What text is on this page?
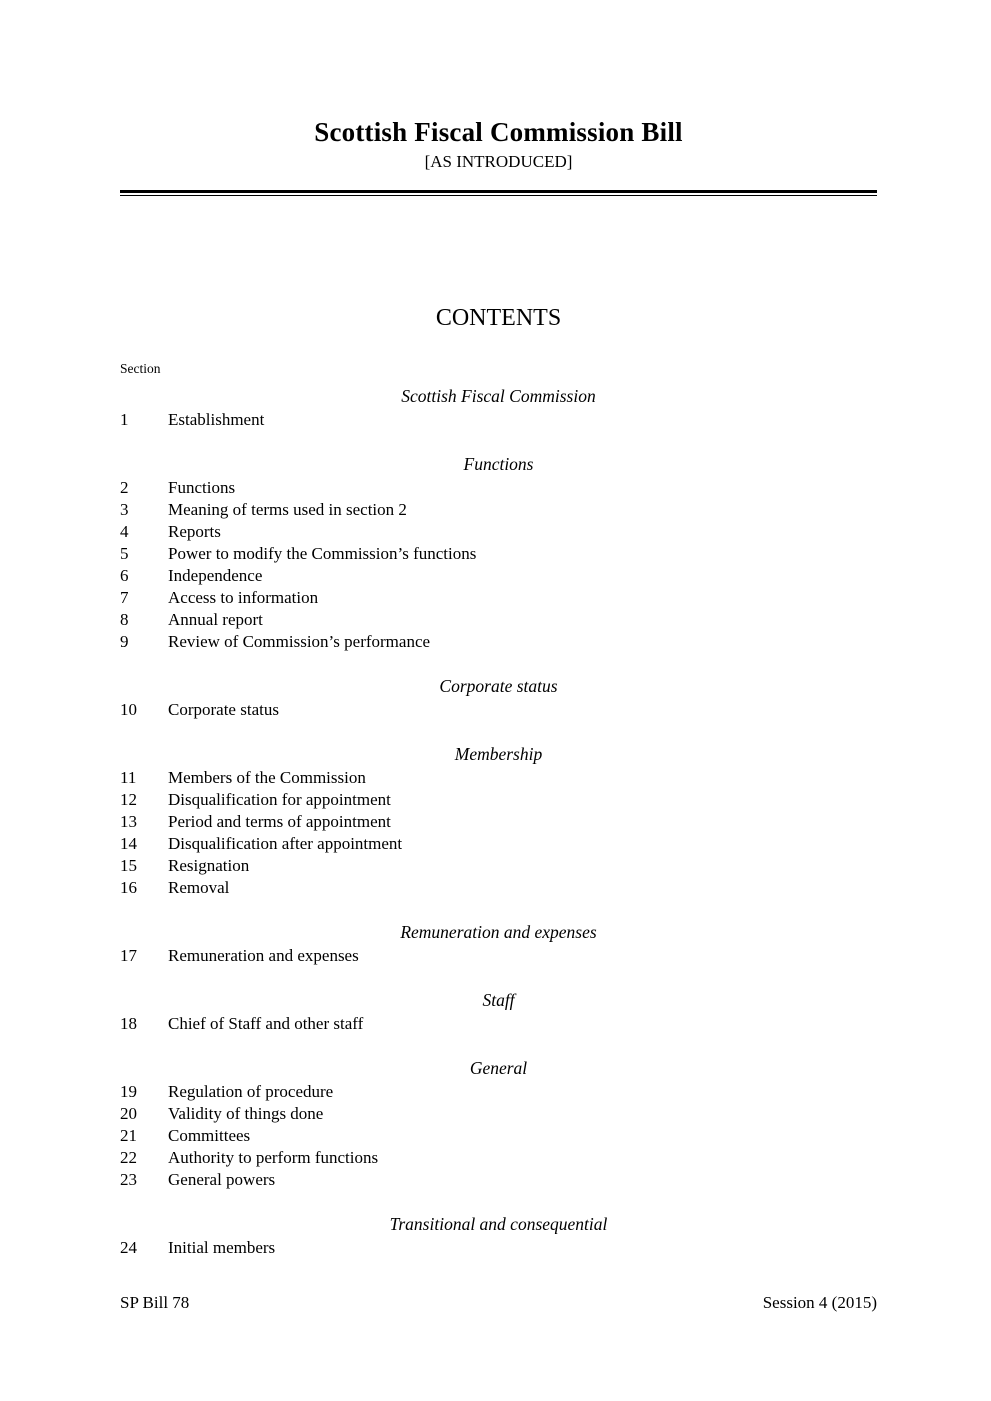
Scottish Fiscal Commission Bill
[AS INTRODUCED]
CONTENTS
Section
Scottish Fiscal Commission
1	Establishment
Functions
2	Functions
3	Meaning of terms used in section 2
4	Reports
5	Power to modify the Commission’s functions
6	Independence
7	Access to information
8	Annual report
9	Review of Commission’s performance
Corporate status
10	Corporate status
Membership
11	Members of the Commission
12	Disqualification for appointment
13	Period and terms of appointment
14	Disqualification after appointment
15	Resignation
16	Removal
Remuneration and expenses
17	Remuneration and expenses
Staff
18	Chief of Staff and other staff
General
19	Regulation of procedure
20	Validity of things done
21	Committees
22	Authority to perform functions
23	General powers
Transitional and consequential
24	Initial members
SP Bill 78	Session 4 (2015)
